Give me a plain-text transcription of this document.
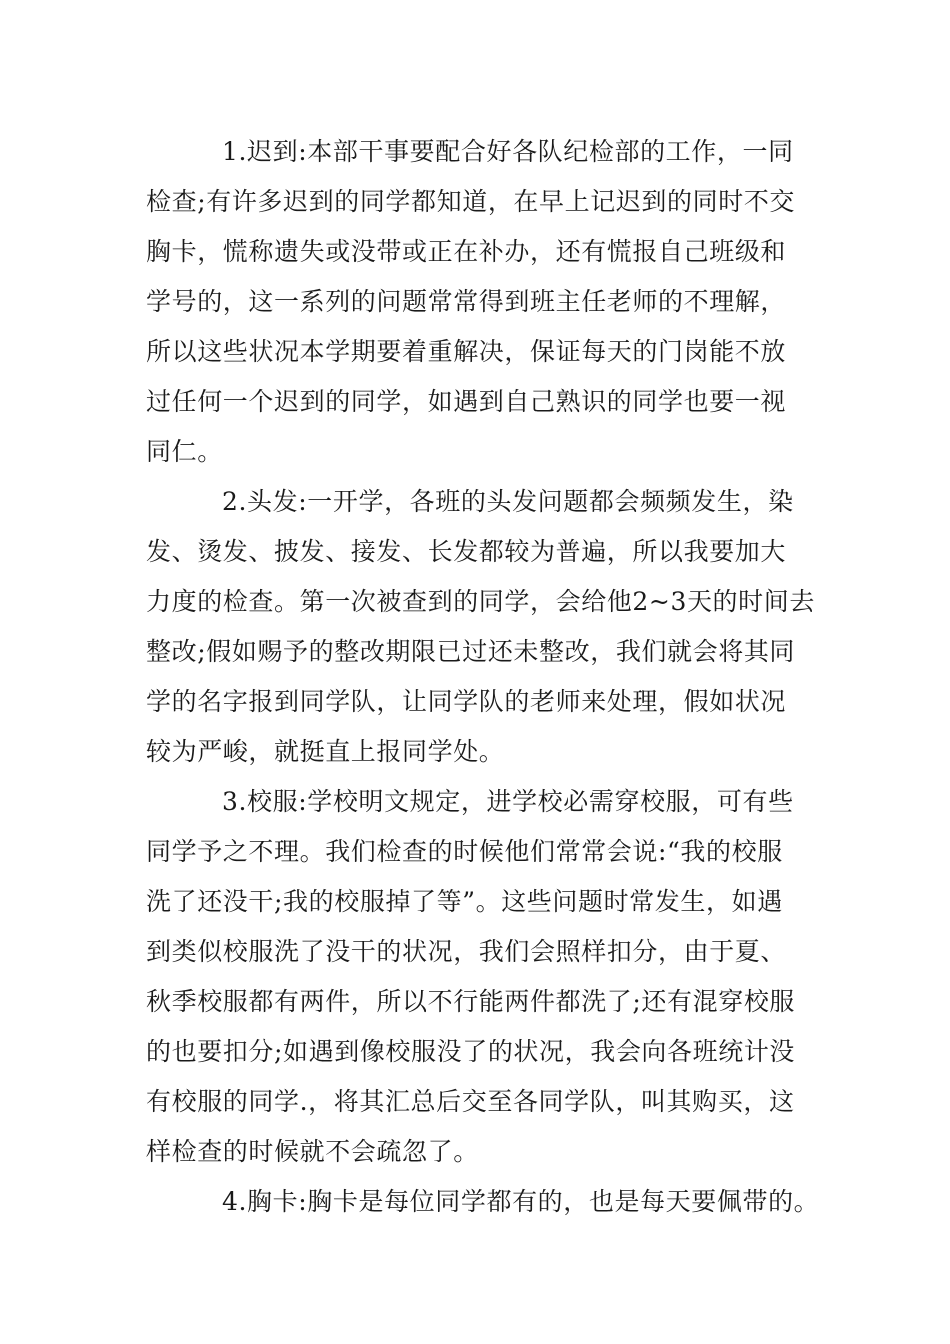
1.迟到:本部干事要配合好各队纪检部的工作，一同
检查;有许多迟到的同学都知道，在早上记迟到的同时不交
胸卡，慌称遗失或没带或正在补办，还有慌报自己班级和
学号的，这一系列的问题常常得到班主任老师的不理解，
所以这些状况本学期要着重解决，保证每天的门岗能不放
过任何一个迟到的同学，如遇到自己熟识的同学也要一视
同仁。
2.头发:一开学，各班的头发问题都会频频发生，染
发、烫发、披发、接发、长发都较为普遍，所以我要加大
力度的检查。第一次被查到的同学，会给他2~3天的时间去
整改;假如赐予的整改期限已过还未整改，我们就会将其同
学的名字报到同学队，让同学队的老师来处理，假如状况
较为严峻，就挺直上报同学处。
3.校服:学校明文规定，进学校必需穿校服，可有些
同学予之不理。我们检查的时候他们常常会说:“我的校服
洗了还没干;我的校服掉了等”。这些问题时常发生，如遇
到类似校服洗了没干的状况，我们会照样扣分，由于夏、
秋季校服都有两件，所以不行能两件都洗了;还有混穿校服
的也要扣分;如遇到像校服没了的状况，我会向各班统计没
有校服的同学.，将其汇总后交至各同学队，叫其购买，这
样检查的时候就不会疏忽了。
4.胸卡:胸卡是每位同学都有的，也是每天要佩带的。
